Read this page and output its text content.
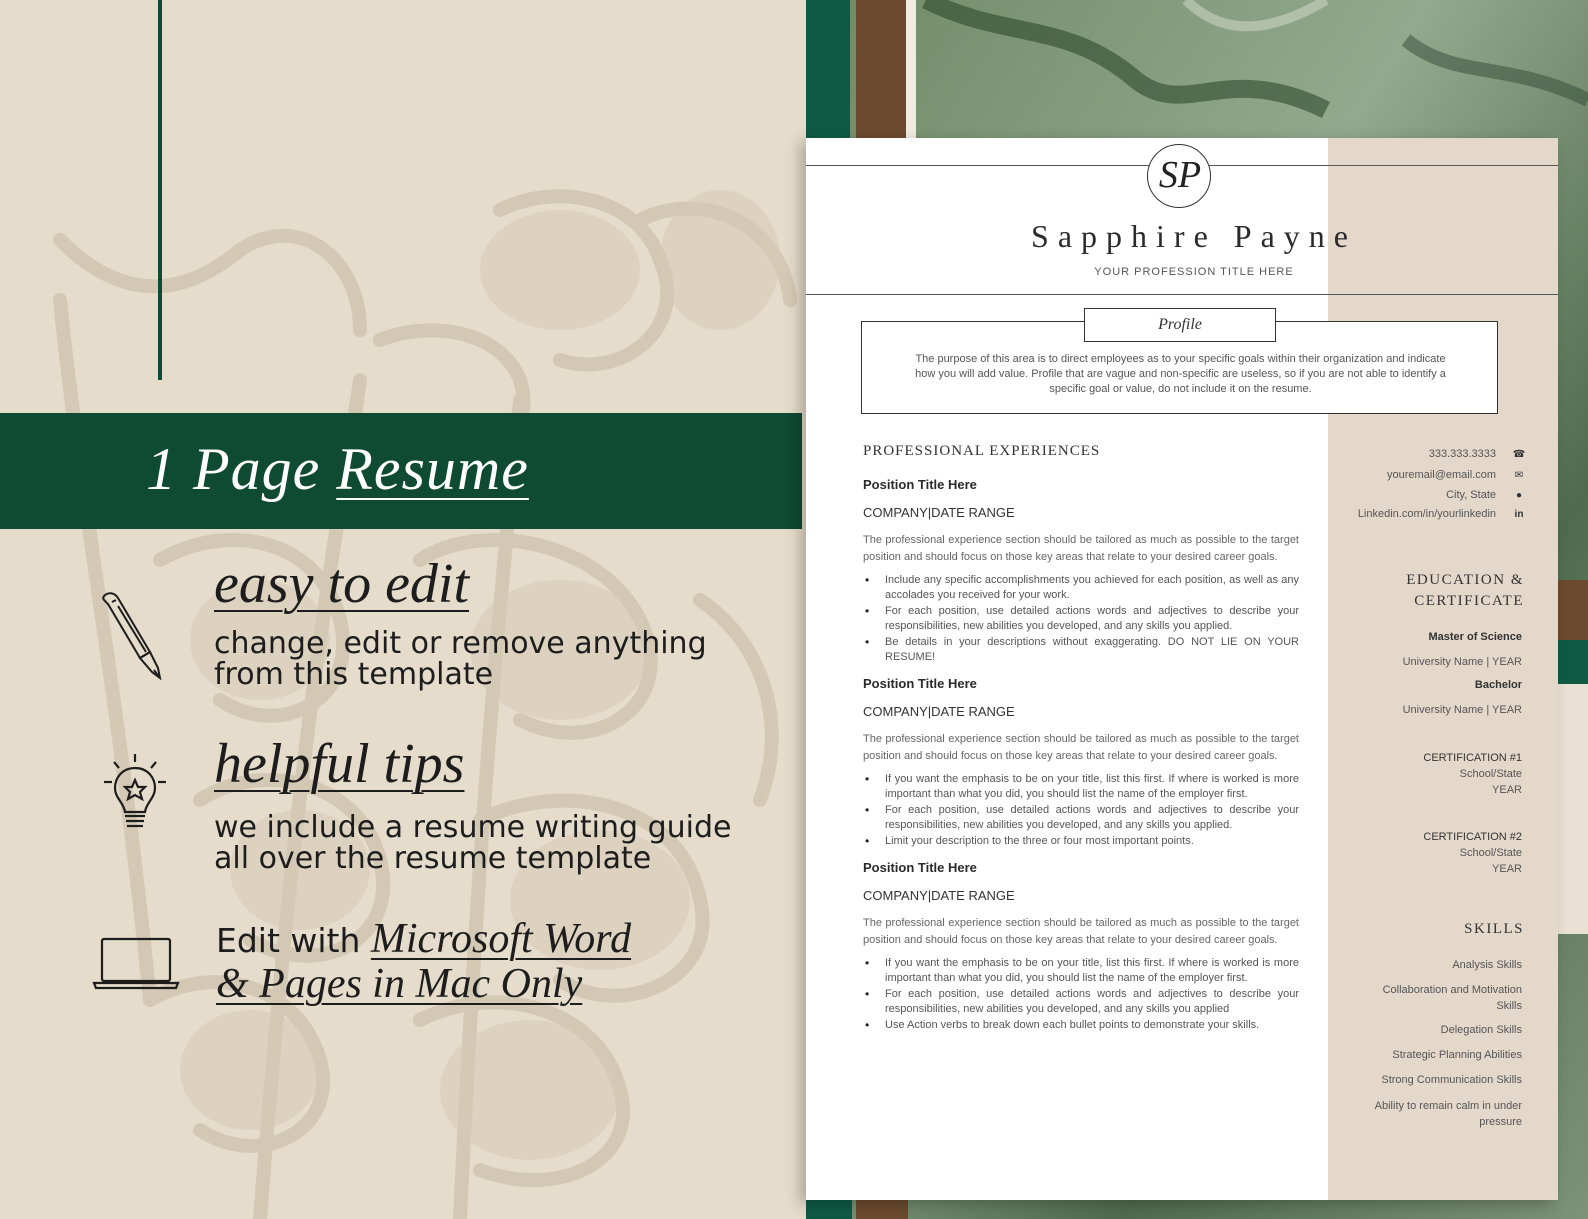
1 Page Resume
easy to edit
change, edit or remove anything
from this template
helpful tips
we include a resume writing guide
all over the resume template
Edit with Microsoft Word
& Pages in Mac Only
SP
Sapphire Payne
YOUR PROFESSION TITLE HERE
The purpose of this area is to direct employees as to your specific goals within their organization and indicate how you will add value. Profile that are vague and non-specific are useless, so if you are not able to identify a specific goal or value, do not include it on the resume.
Profile
PROFESSIONAL EXPERIENCES
Position Title Here
COMPANY|DATE RANGE
The professional experience section should be tailored as much as possible to the target position and should focus on those key areas that relate to your desired career goals.
• Include any specific accomplishments you achieved for each position, as well as any accolades you received for your work.
• For each position, use detailed actions words and adjectives to describe your responsibilities, new abilities you developed, and any skills you applied.
• Be details in your descriptions without exaggerating. DO NOT LIE ON YOUR RESUME!
Position Title Here
COMPANY|DATE RANGE
The professional experience section should be tailored as much as possible to the target position and should focus on those key areas that relate to your desired career goals.
• If you want the emphasis to be on your title, list this first. If where is worked is more important than what you did, you should list the name of the employer first.
• For each position, use detailed actions words and adjectives to describe your responsibilities, new abilities you developed, and any skills you applied.
• Limit your description to the three or four most important points.
Position Title Here
COMPANY|DATE RANGE
The professional experience section should be tailored as much as possible to the target position and should focus on those key areas that relate to your desired career goals.
• If you want the emphasis to be on your title, list this first. If where is worked is more important than what you did, you should list the name of the employer first.
• For each position, use detailed actions words and adjectives to describe your responsibilities, new abilities you developed, and any skills you applied
• Use Action verbs to break down each bullet points to demonstrate your skills.
333.333.3333 ☎
youremail@email.com ✉
City, State ●
Linkedin.com/in/yourlinkedin in
EDUCATION &
CERTIFICATE
Master of Science
University Name | YEAR
Bachelor
University Name | YEAR
CERTIFICATION #1
School/State
YEAR
CERTIFICATION #2
School/State
YEAR
SKILLS
Analysis Skills
Collaboration and Motivation Skills
Delegation Skills
Strategic Planning Abilities
Strong Communication Skills
Ability to remain calm in under pressure
